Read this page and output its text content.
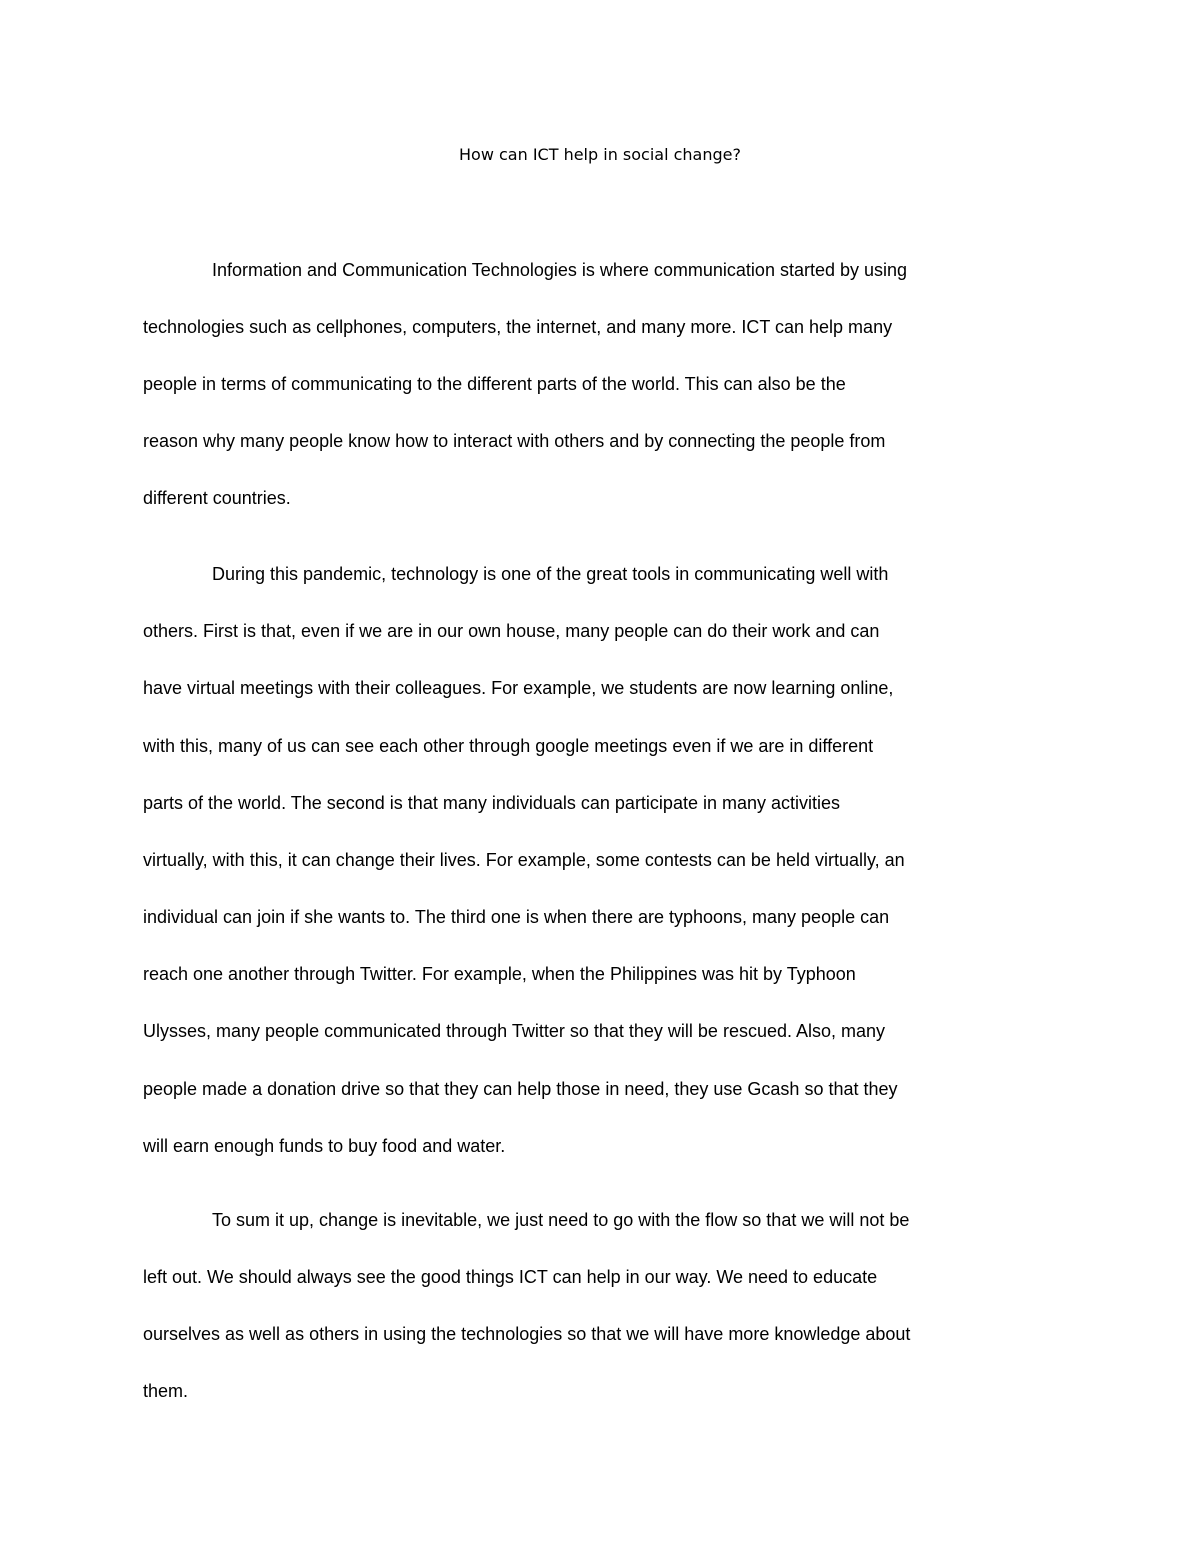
How can ICT help in social change?
Information and Communication Technologies is where communication started by using
technologies such as cellphones, computers, the internet, and many more. ICT can help many
people in terms of communicating to the different parts of the world. This can also be the
reason why many people know how to interact with others and by connecting the people from
different countries.
During this pandemic, technology is one of the great tools in communicating well with
others. First is that, even if we are in our own house, many people can do their work and can
have virtual meetings with their colleagues. For example, we students are now learning online,
with this, many of us can see each other through google meetings even if we are in different
parts of the world. The second is that many individuals can participate in many activities
virtually, with this, it can change their lives. For example, some contests can be held virtually, an
individual can join if she wants to. The third one is when there are typhoons, many people can
reach one another through Twitter. For example, when the Philippines was hit by Typhoon
Ulysses, many people communicated through Twitter so that they will be rescued. Also, many
people made a donation drive so that they can help those in need, they use Gcash so that they
will earn enough funds to buy food and water.
To sum it up, change is inevitable, we just need to go with the flow so that we will not be
left out. We should always see the good things ICT can help in our way. We need to educate
ourselves as well as others in using the technologies so that we will have more knowledge about
them.
